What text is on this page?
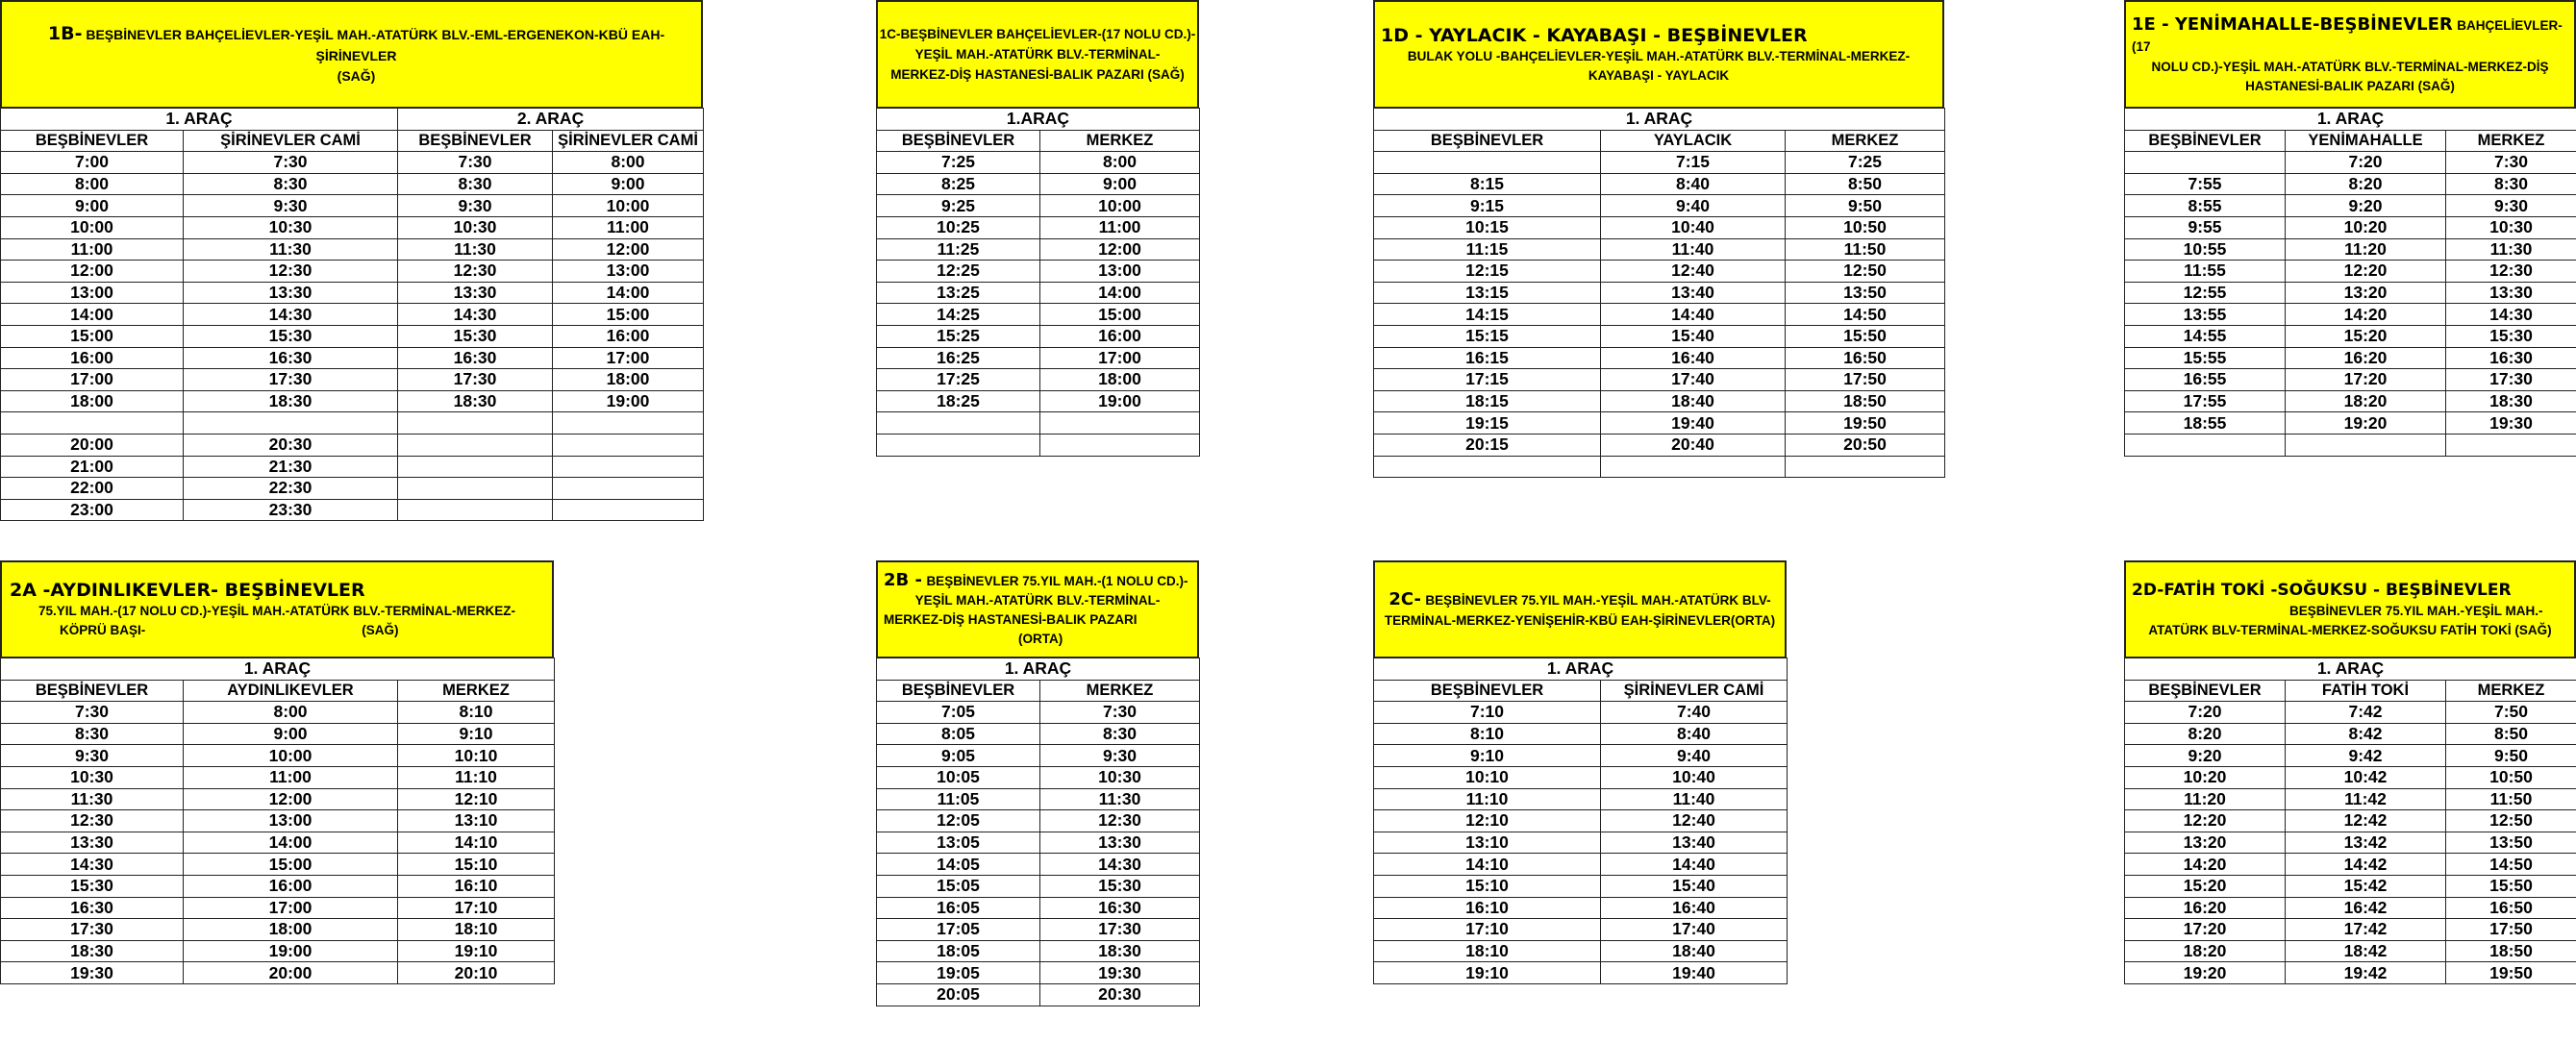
1B- BEŞBİNEVLER BAHÇELİEVLER-YEŞİL MAH.-ATATÜRK BLV.-EML-ERGENEKON-KBÜ EAH-ŞİRİNEVLER
(SAĞ)
1. ARAÇ		2. ARAÇ	
BEŞBİNEVLER	ŞİRİNEVLER CAMİ	BEŞBİNEVLER	ŞİRİNEVLER CAMİ
7:00	7:30	7:30	8:00
8:00	8:30	8:30	9:00
9:00	9:30	9:30	10:00
10:00	10:30	10:30	11:00
11:00	11:30	11:30	12:00
12:00	12:30	12:30	13:00
13:00	13:30	13:30	14:00
14:00	14:30	14:30	15:00
15:00	15:30	15:30	16:00
16:00	16:30	16:30	17:00
17:00	17:30	17:30	18:00
18:00	18:30	18:30	19:00

20:00	20:30		
21:00	21:30		
22:00	22:30		
23:00	23:30		
1C-BEŞBİNEVLER BAHÇELİEVLER-(17 NOLU CD.)-
YEŞİL MAH.-ATATÜRK BLV.-TERMİNAL-
MERKEZ-DİŞ HASTANESİ-BALIK PAZARI (SAĞ)
1.ARAÇ	
BEŞBİNEVLER	MERKEZ
7:25	8:00
8:25	9:00
9:25	10:00
10:25	11:00
11:25	12:00
12:25	13:00
13:25	14:00
14:25	15:00
15:25	16:00
16:25	17:00
17:25	18:00
18:25	19:00

1D - YAYLACIK - KAYABAŞI - BEŞBİNEVLER
BULAK YOLU -BAHÇELİEVLER-YEŞİL MAH.-ATATÜRK BLV.-TERMİNAL-MERKEZ-
KAYABAŞI - YAYLACIK
1. ARAÇ		
BEŞBİNEVLER	YAYLACIK	MERKEZ
	7:15	7:25
8:15	8:40	8:50
9:15	9:40	9:50
10:15	10:40	10:50
11:15	11:40	11:50
12:15	12:40	12:50
13:15	13:40	13:50
14:15	14:40	14:50
15:15	15:40	15:50
16:15	16:40	16:50
17:15	17:40	17:50
18:15	18:40	18:50
19:15	19:40	19:50
20:15	20:40	20:50

1E - YENİMAHALLE-BEŞBİNEVLER BAHÇELİEVLER-(17
NOLU CD.)-YEŞİL MAH.-ATATÜRK BLV.-TERMİNAL-MERKEZ-DİŞ
HASTANESİ-BALIK PAZARI (SAĞ)
1. ARAÇ		
BEŞBİNEVLER	YENİMAHALLE	MERKEZ
	7:20	7:30
7:55	8:20	8:30
8:55	9:20	9:30
9:55	10:20	10:30
10:55	11:20	11:30
11:55	12:20	12:30
12:55	13:20	13:30
13:55	14:20	14:30
14:55	15:20	15:30
15:55	16:20	16:30
16:55	17:20	17:30
17:55	18:20	18:30
18:55	19:20	19:30

2A -AYDINLIKEVLER- BEŞBİNEVLER
75.YIL MAH.-(17 NOLU CD.)-YEŞİL MAH.-ATATÜRK BLV.-TERMİNAL-MERKEZ-
KÖPRÜ BAŞI-                                                            (SAĞ)
1. ARAÇ		
BEŞBİNEVLER	AYDINLIKEVLER	MERKEZ
7:30	8:00	8:10
8:30	9:00	9:10
9:30	10:00	10:10
10:30	11:00	11:10
11:30	12:00	12:10
12:30	13:00	13:10
13:30	14:00	14:10
14:30	15:00	15:10
15:30	16:00	16:10
16:30	17:00	17:10
17:30	18:00	18:10
18:30	19:00	19:10
19:30	20:00	20:10
2B - BEŞBİNEVLER 75.YIL MAH.-(1 NOLU CD.)-
YEŞİL MAH.-ATATÜRK BLV.-TERMİNAL-
MERKEZ-DİŞ HASTANESİ-BALIK PAZARI
(ORTA)
1. ARAÇ	
BEŞBİNEVLER	MERKEZ
7:05	7:30
8:05	8:30
9:05	9:30
10:05	10:30
11:05	11:30
12:05	12:30
13:05	13:30
14:05	14:30
15:05	15:30
16:05	16:30
17:05	17:30
18:05	18:30
19:05	19:30
20:05	20:30
2C- BEŞBİNEVLER 75.YIL MAH.-YEŞİL MAH.-ATATÜRK BLV-
TERMİNAL-MERKEZ-YENİŞEHİR-KBÜ EAH-ŞİRİNEVLER(ORTA)
1. ARAÇ	
BEŞBİNEVLER	ŞİRİNEVLER CAMİ
7:10	7:40
8:10	8:40
9:10	9:40
10:10	10:40
11:10	11:40
12:10	12:40
13:10	13:40
14:10	14:40
15:10	15:40
16:10	16:40
17:10	17:40
18:10	18:40
19:10	19:40
2D-FATİH TOKİ -SOĞUKSU - BEŞBİNEVLER
BEŞBİNEVLER 75.YIL MAH.-YEŞİL MAH.-
ATATÜRK BLV-TERMİNAL-MERKEZ-SOĞUKSU FATİH TOKİ (SAĞ)
1. ARAÇ		
BEŞBİNEVLER	FATİH TOKİ	MERKEZ
7:20	7:42	7:50
8:20	8:42	8:50
9:20	9:42	9:50
10:20	10:42	10:50
11:20	11:42	11:50
12:20	12:42	12:50
13:20	13:42	13:50
14:20	14:42	14:50
15:20	15:42	15:50
16:20	16:42	16:50
17:20	17:42	17:50
18:20	18:42	18:50
19:20	19:42	19:50
